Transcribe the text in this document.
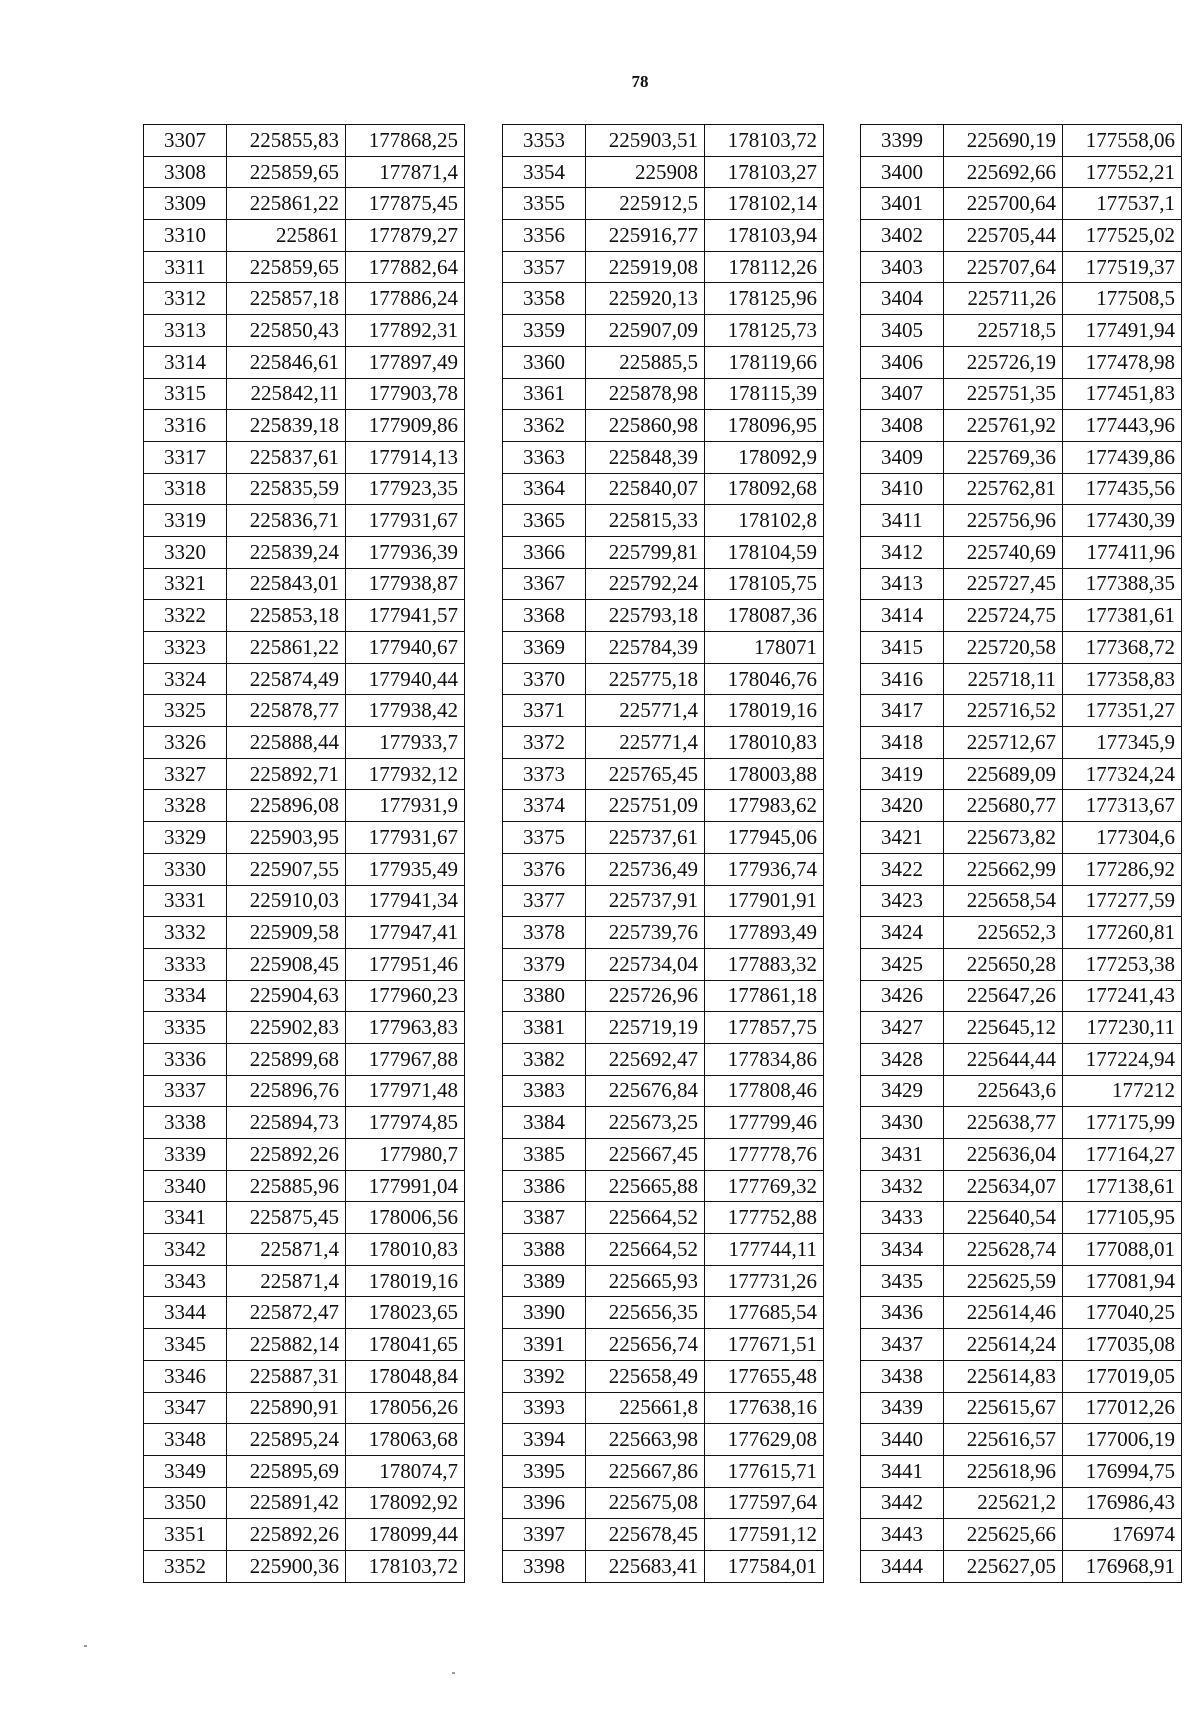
78
3307	225855,83	177868,25
3308	225859,65	177871,4
3309	225861,22	177875,45
3310	225861	177879,27
3311	225859,65	177882,64
3312	225857,18	177886,24
3313	225850,43	177892,31
3314	225846,61	177897,49
3315	225842,11	177903,78
3316	225839,18	177909,86
3317	225837,61	177914,13
3318	225835,59	177923,35
3319	225836,71	177931,67
3320	225839,24	177936,39
3321	225843,01	177938,87
3322	225853,18	177941,57
3323	225861,22	177940,67
3324	225874,49	177940,44
3325	225878,77	177938,42
3326	225888,44	177933,7
3327	225892,71	177932,12
3328	225896,08	177931,9
3329	225903,95	177931,67
3330	225907,55	177935,49
3331	225910,03	177941,34
3332	225909,58	177947,41
3333	225908,45	177951,46
3334	225904,63	177960,23
3335	225902,83	177963,83
3336	225899,68	177967,88
3337	225896,76	177971,48
3338	225894,73	177974,85
3339	225892,26	177980,7
3340	225885,96	177991,04
3341	225875,45	178006,56
3342	225871,4	178010,83
3343	225871,4	178019,16
3344	225872,47	178023,65
3345	225882,14	178041,65
3346	225887,31	178048,84
3347	225890,91	178056,26
3348	225895,24	178063,68
3349	225895,69	178074,7
3350	225891,42	178092,92
3351	225892,26	178099,44
3352	225900,36	178103,72
3353	225903,51	178103,72
3354	225908	178103,27
3355	225912,5	178102,14
3356	225916,77	178103,94
3357	225919,08	178112,26
3358	225920,13	178125,96
3359	225907,09	178125,73
3360	225885,5	178119,66
3361	225878,98	178115,39
3362	225860,98	178096,95
3363	225848,39	178092,9
3364	225840,07	178092,68
3365	225815,33	178102,8
3366	225799,81	178104,59
3367	225792,24	178105,75
3368	225793,18	178087,36
3369	225784,39	178071
3370	225775,18	178046,76
3371	225771,4	178019,16
3372	225771,4	178010,83
3373	225765,45	178003,88
3374	225751,09	177983,62
3375	225737,61	177945,06
3376	225736,49	177936,74
3377	225737,91	177901,91
3378	225739,76	177893,49
3379	225734,04	177883,32
3380	225726,96	177861,18
3381	225719,19	177857,75
3382	225692,47	177834,86
3383	225676,84	177808,46
3384	225673,25	177799,46
3385	225667,45	177778,76
3386	225665,88	177769,32
3387	225664,52	177752,88
3388	225664,52	177744,11
3389	225665,93	177731,26
3390	225656,35	177685,54
3391	225656,74	177671,51
3392	225658,49	177655,48
3393	225661,8	177638,16
3394	225663,98	177629,08
3395	225667,86	177615,71
3396	225675,08	177597,64
3397	225678,45	177591,12
3398	225683,41	177584,01
3399	225690,19	177558,06
3400	225692,66	177552,21
3401	225700,64	177537,1
3402	225705,44	177525,02
3403	225707,64	177519,37
3404	225711,26	177508,5
3405	225718,5	177491,94
3406	225726,19	177478,98
3407	225751,35	177451,83
3408	225761,92	177443,96
3409	225769,36	177439,86
3410	225762,81	177435,56
3411	225756,96	177430,39
3412	225740,69	177411,96
3413	225727,45	177388,35
3414	225724,75	177381,61
3415	225720,58	177368,72
3416	225718,11	177358,83
3417	225716,52	177351,27
3418	225712,67	177345,9
3419	225689,09	177324,24
3420	225680,77	177313,67
3421	225673,82	177304,6
3422	225662,99	177286,92
3423	225658,54	177277,59
3424	225652,3	177260,81
3425	225650,28	177253,38
3426	225647,26	177241,43
3427	225645,12	177230,11
3428	225644,44	177224,94
3429	225643,6	177212
3430	225638,77	177175,99
3431	225636,04	177164,27
3432	225634,07	177138,61
3433	225640,54	177105,95
3434	225628,74	177088,01
3435	225625,59	177081,94
3436	225614,46	177040,25
3437	225614,24	177035,08
3438	225614,83	177019,05
3439	225615,67	177012,26
3440	225616,57	177006,19
3441	225618,96	176994,75
3442	225621,2	176986,43
3443	225625,66	176974
3444	225627,05	176968,91
